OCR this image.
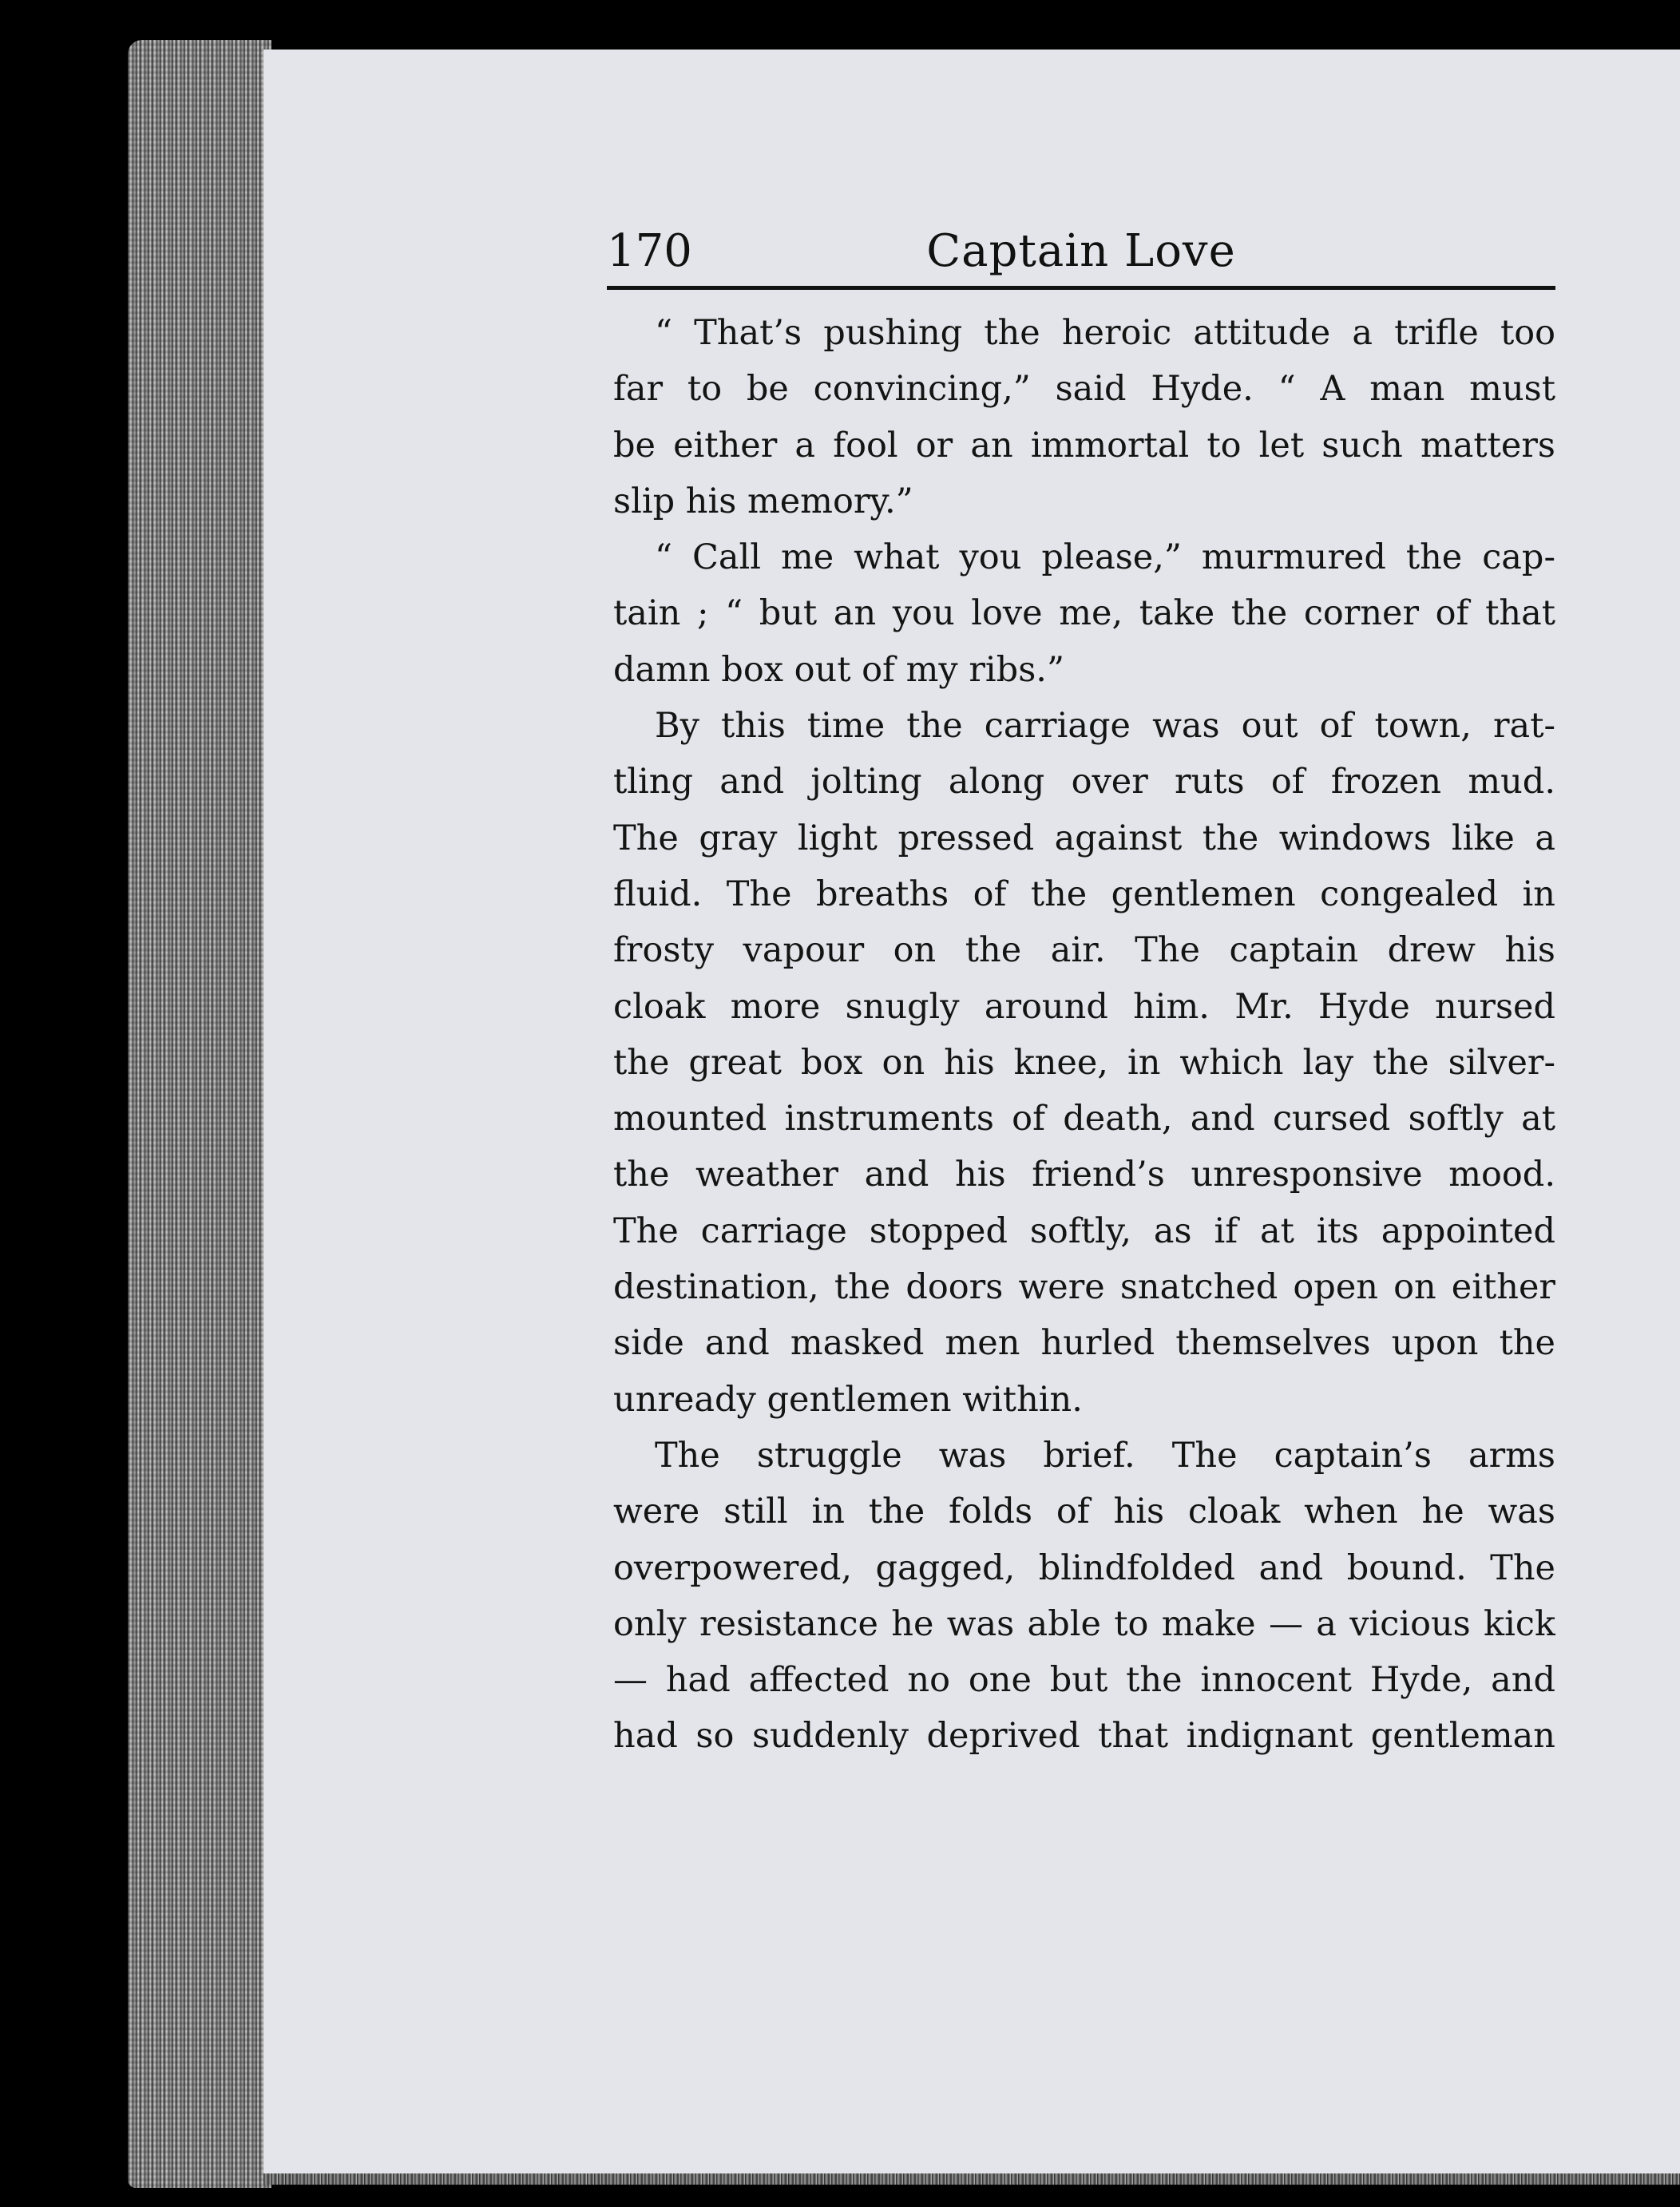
170	Captain Love
“ That’s pushing the heroic attitude a trifle too
far to be convincing,” said Hyde. “ A man must
be either a fool or an immortal to let such matters
slip his memory.”
“ Call me what you please,” murmured the cap-
tain ; “ but an you love me, take the corner of that
damn box out of my ribs.”
By this time the carriage was out of town, rat-
tling and jolting along over ruts of frozen mud.
The gray light pressed against the windows like a
fluid. The breaths of the gentlemen congealed in
frosty vapour on the air. The captain drew his
cloak more snugly around him. Mr. Hyde nursed
the great box on his knee, in which lay the silver-
mounted instruments of death, and cursed softly at
the weather and his friend’s unresponsive mood.
The carriage stopped softly, as if at its appointed
destination, the doors were snatched open on either
side and masked men hurled themselves upon the
unready gentlemen within.
The struggle was brief. The captain’s arms
were still in the folds of his cloak when he was
overpowered, gagged, blindfolded and bound. The
only resistance he was able to make — a vicious kick
— had affected no one but the innocent Hyde, and
had so suddenly deprived that indignant gentleman
